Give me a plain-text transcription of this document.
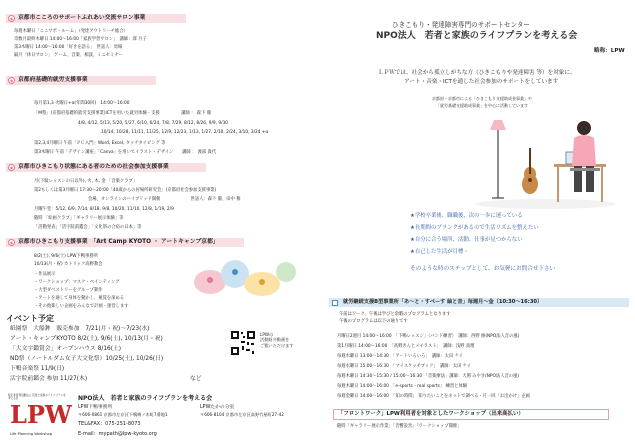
◆ 京都市こころのサポートふれあい交流サロン事業
毎週木曜日「ここサポ・ルーム」（発達アウトリーチ総合）
奇数月最終木曜日 14:00〜16:00「家族学習サロン」　講師：澤 月子
第3木曜日 14:00〜16:00「好きを語る」　世話人：馬場
隔月「休日サロン」 ゲーム、音楽、相談、ミニセミナー
◆ 京都府基礎的就労支援事業
毎月第1,3 火曜日+α(年間30回)　14:00〜16:00
「M塾」(京都府基礎的就労支援事業)ICTを用いた就労体験・支援　　　　　講師 ： 森下 徹
4/8, 4/12, 5/13, 5/20, 5/27, 6/10, 6/24, 7/8, 7/29, 8/12, 8/26, 9/9, 9/30
10/14, 10/28, 11/11, 11/25, 12/9, 12/23, 1/13, 1/27, 2/10, 2/24, 3/10, 3/24 +α
第2,3,4月曜日 午前「ＰＣ入門」Word, Excel, タッチタイピング 等
第3木曜日 午前「デザイン講座」「Canva」を用いてイラスト・デザイン　　講師 ： 渡部 貴代
◆ 京都市ひきこもり状態にある者のための社会参加支援事業
月(下駄レッスンの日以外), 火, 木, 金 「音楽クラブ」
第2もしくは第3月曜日 17:30〜20:00「40歳からの居場所研究会」(京都府社会参加支援事業)
会場、オンラインのハイブリッド開催　　　　　　　世話人：森下 徹、田中 稚
月曜午堂：5/12, 6/9, 7/14, 8/18, 9/8, 10/20, 11/10, 12/8, 1/19, 2/9
随時 「絵画クラブ」「ギャラリー展示体験」等
「活動発表」「活字院前鑑会」「文化祭の合宿の日本」等
◆ 京都市ひきこもり支援事業　「Art Camp KYOTO ・ アートキャンプ京都」
8/2(土), 9/6(土) LPW下鴨事務所
10/13(月・祝) カトリック高野教会
・作品展示
・ワークショップ：マスク・ペインティング
・大型ダベストリーをグループ制作
・アートを通して身体を動かし、視覚を深める
・その他楽しい企画をみんなで計画・運営します
イベント予定
紙園祭　大船鉾　販売参加　7/21(月・祝)〜7/23(水)
アート・キャンプKYOTO 8/2(土), 9/6(土), 10/13(月・祝)
「大文字鑑賞会」オープンハウス 8/16(土)
ND祭（ノートルダム女子大文化祭）10/25(土), 10/26(日)
下鴨音楽祭 11/9(日)
活字院前鑑会 参加 11/27(木)	など
LPWの
活動紹介動画を
ご覧いただけます
特定非営利活動法人 若者と家族のライフプランを考える会
LPW
Life Planning Workshop
NPO法人　若者と家族のライフプランを考える会
LPW下鴨事務所	LPWたかの分室
〒606-0861 京都市左京区下鴨梅ノ木町7番地1	〒606-8104 京都市左京区高野竹屋町27-42
TEL&FAX：075-251-8073
E-mail：mypath@lpw-kyoto.org
ひきこもり・発達障害専門のサポートセンター
NPO法人　若者と家族のライフプランを考える会
略称：LPW
ＬＰＷでは、社会から孤立しがちな方（ひきこもりや発達障害 等）を対象に、
アート・音楽・ICTを通した社会参加のサポートをしています
京都府・京都市による「ひきこもり支援助成金事業」や
「就労基礎支援助成事業」を中心に活動しています
★学校卒業後、職職後、次の一歩に迷っている
★長期間のブランクがあるので生活リズムを整えたい
★自分に合う場所、活動、仕事が見つからない
★自己した生活が目標・
そのような時のステップとして、お気軽にお問合せ下さい
就労継続支援B型事業所「あ〜と・すぺーす 紬と音」毎週月〜金（10:30〜16:30）
午前はワーク、午後は学びと余暇のプログラムとなります
午後のプログラムは以下の通りです
月曜日2週目 14:00〜16:00　「下鴨レッスン」（バンド練習）　講師：西野 修(NPO法人音の風)
第1月曜日 14:00〜16:00　「高野きんとメイラスト」　講師：浅野 真理
毎週水曜日 13:00〜14:30　「アートいろいろ」　講師：太田 ケイ
毎週水曜日 15:00〜16:30　「マイスケッチブック」　講師：太田 ケイ
毎週木曜日 14:30〜15:30 / 15:00〜16:30 「音楽療法」講師：大関 みやき(NPO法人音の風)
毎週木曜日 14:00〜16:00　「e-sports・real sports」 練習と体験
毎週金曜日 14:00〜16:00　「知の時間」 知りたいことをネットで調べる・月一回「お出かけ」企画
「フロントワーク」LPW利用者を対象としたワークショップ（出来高払い）
随時「ギャラリー展示作業」「音響設営」「ワークショップ開催」
